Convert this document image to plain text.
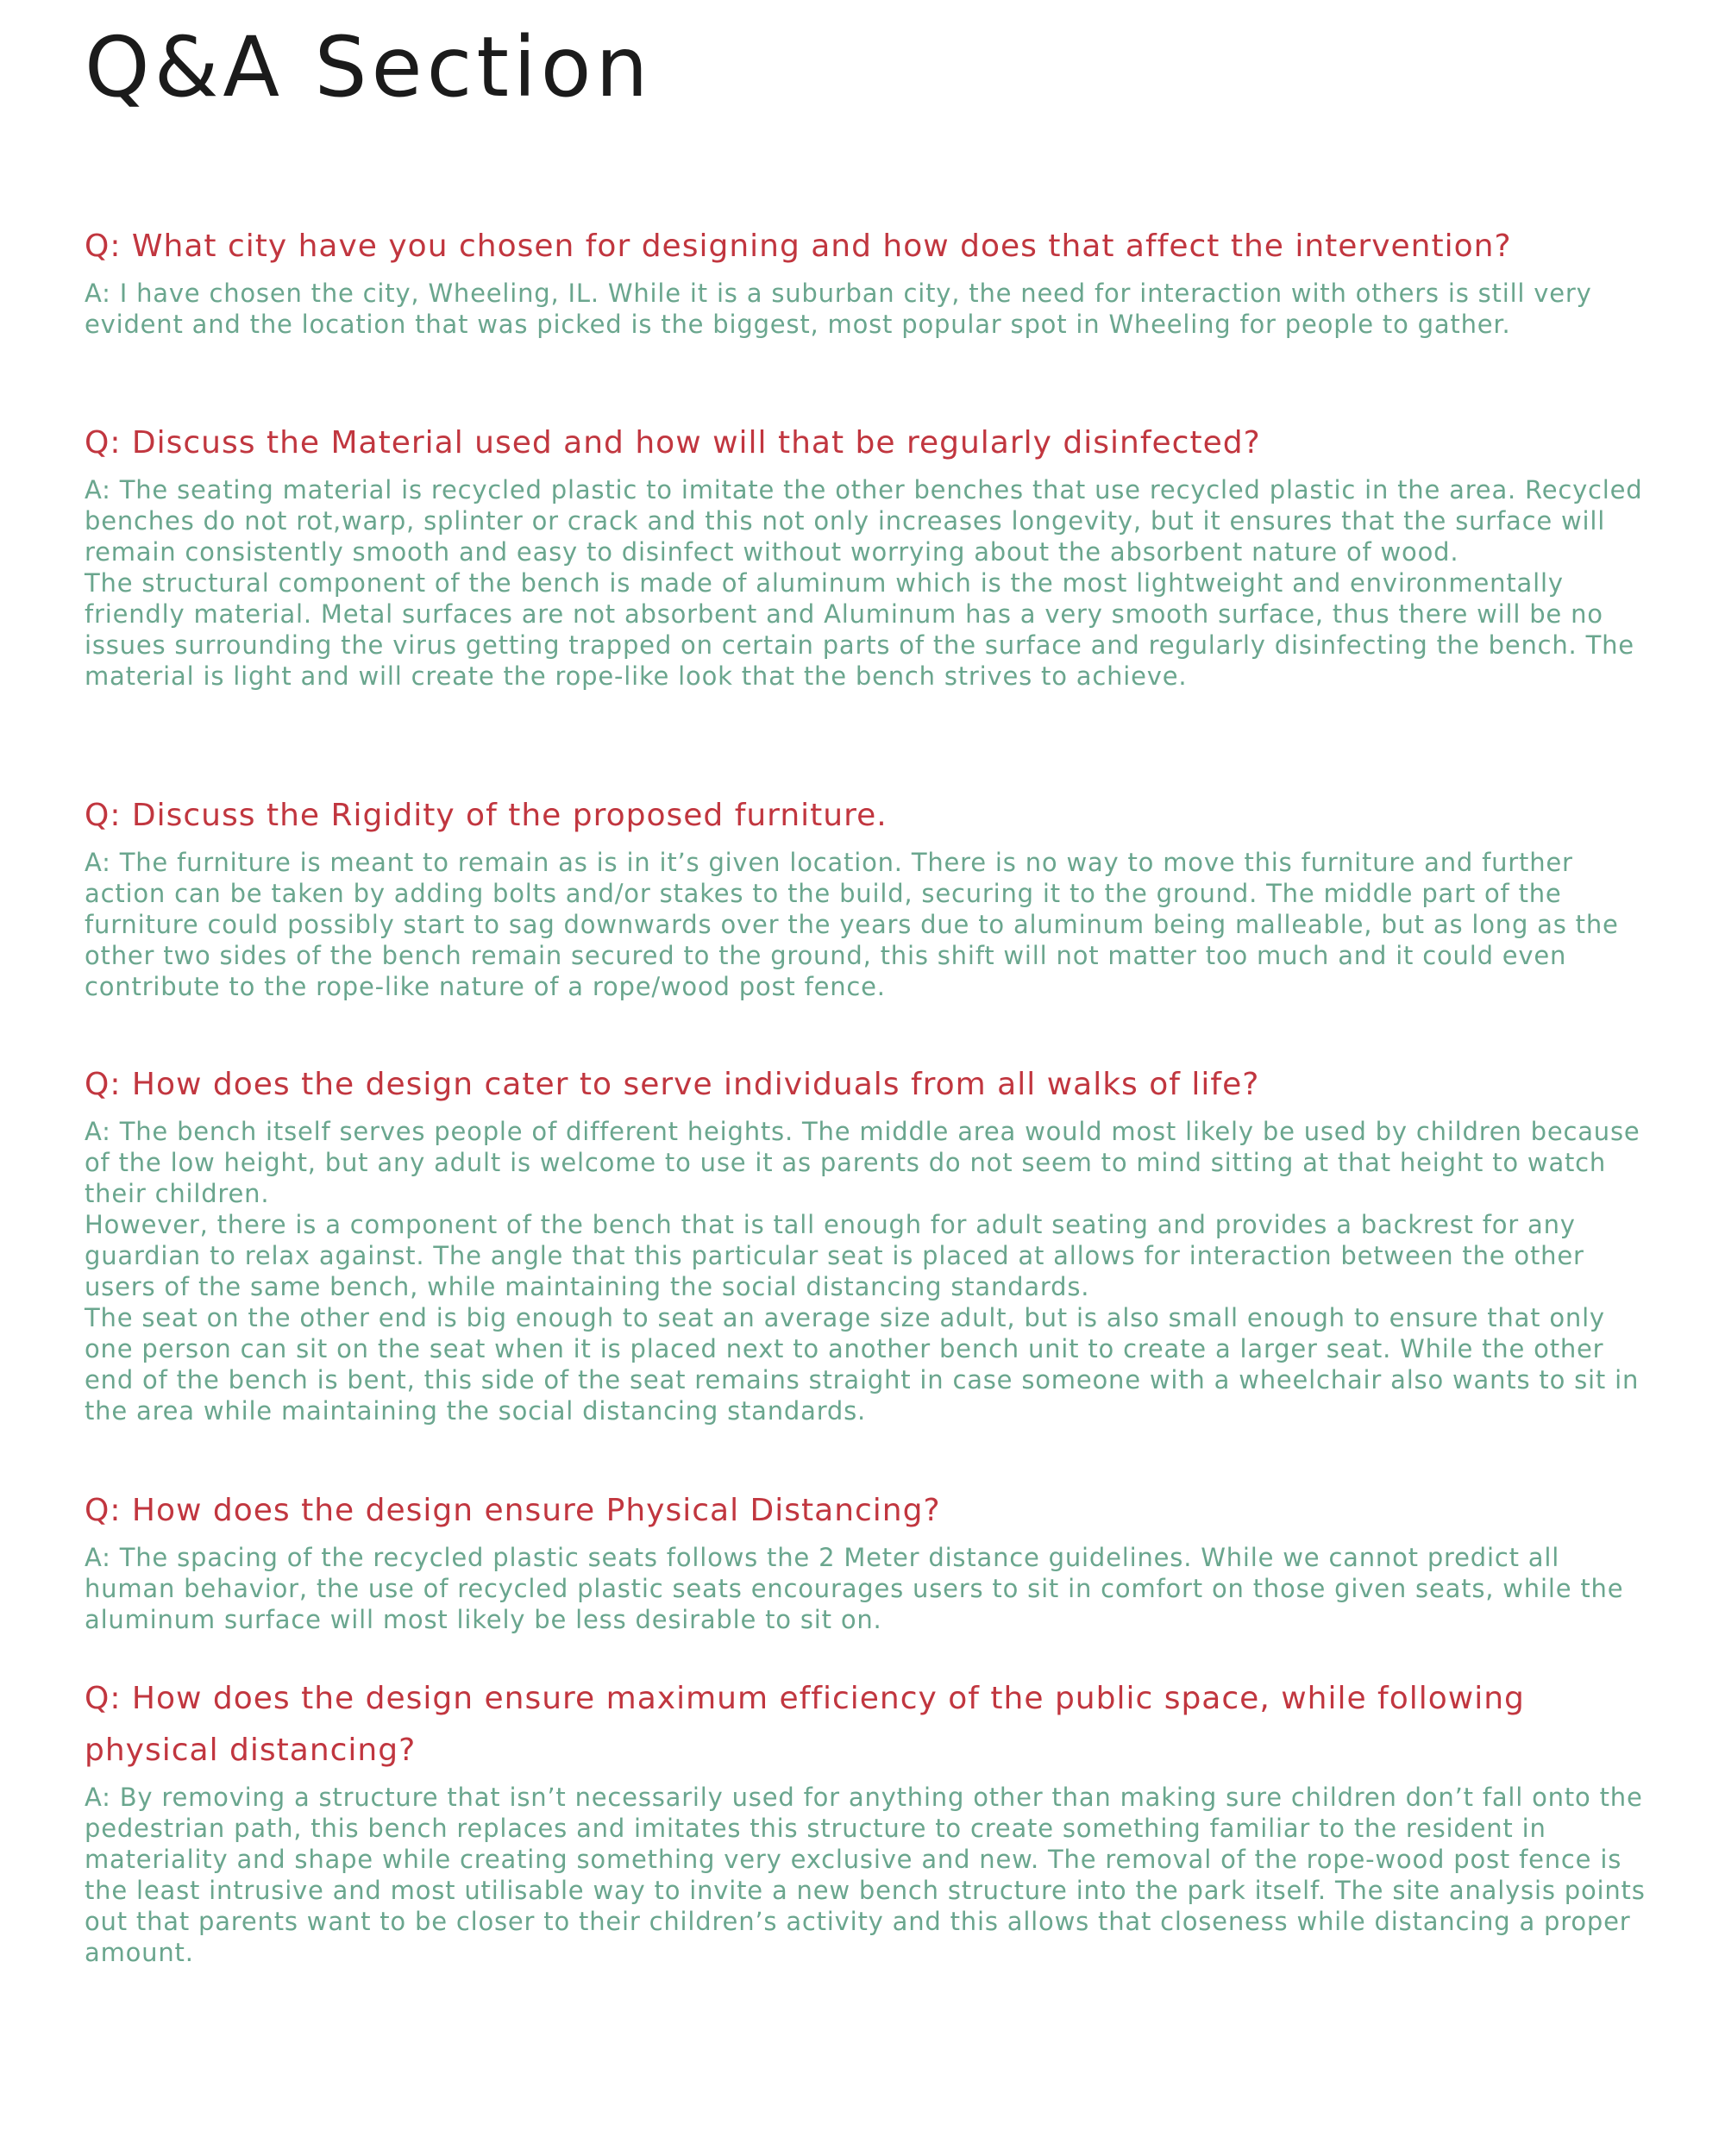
Q&A Section
Q: What city have you chosen for designing and how does that affect the intervention?

A: I have chosen the city, Wheeling, IL. While it is a suburban city, the need for interaction with others is still very evident and the location that was picked is the biggest, most popular spot in Wheeling for people to gather.

Q: Discuss the Material used and how will that be regularly disinfected?

A: The seating material is recycled plastic to imitate the other benches that use recycled plastic in the area. Recycled benches do not rot,warp, splinter or crack and this not only increases longevity, but it ensures that the surface will remain consistently smooth and easy to disinfect without worrying about the absorbent nature of wood.
The structural component of the bench is made of aluminum which is the most lightweight and environmentally friendly material. Metal surfaces are not absorbent and Aluminum has a very smooth surface, thus there will be no issues surrounding the virus getting trapped on certain parts of the surface and regularly disinfecting the bench. The material is light and will create the rope-like look that the bench strives to achieve.

Q: Discuss the Rigidity of the proposed furniture.

A: The furniture is meant to remain as is in it’s given location. There is no way to move this furniture and further action can be taken by adding bolts and/or stakes to the build, securing it to the ground. The middle part of the furniture could possibly start to sag downwards over the years due to aluminum being malleable, but as long as the other two sides of the bench remain secured to the ground, this shift will not matter too much and it could even contribute to the rope-like nature of a rope/wood post fence.

Q: How does the design cater to serve individuals from all walks of life?

A: The bench itself serves people of different heights. The middle area would most likely be used by children because of the low height, but any adult is welcome to use it as parents do not seem to mind sitting at that height to watch their children.
However, there is a component of the bench that is tall enough for adult seating and provides a backrest for any guardian to relax against. The angle that this particular seat is placed at allows for interaction between the other users of the same bench, while maintaining the social distancing standards.
The seat on the other end is big enough to seat an average size adult, but is also small enough to ensure that only one person can sit on the seat when it is placed next to another bench unit to create a larger seat. While the other end of the bench is bent, this side of the seat remains straight in case someone with a wheelchair also wants to sit in the area while maintaining the social distancing standards.

Q: How does the design ensure Physical Distancing?

A: The spacing of the recycled plastic seats follows the 2 Meter distance guidelines. While we cannot predict all human behavior, the use of recycled plastic seats encourages users to sit in comfort on those given seats, while the aluminum surface will most likely be less desirable to sit on.

Q: How does the design ensure maximum efficiency of the public space, while following physical distancing?

A: By removing a structure that isn’t necessarily used for anything other than making sure children don’t fall onto the pedestrian path, this bench replaces and imitates this structure to create something familiar to the resident in materiality and shape while creating something very exclusive and new. The removal of the rope-wood post fence is the least intrusive and most utilisable way to invite a new bench structure into the park itself. The site analysis points out that parents want to be closer to their children’s activity and this allows that closeness while distancing a proper amount.
